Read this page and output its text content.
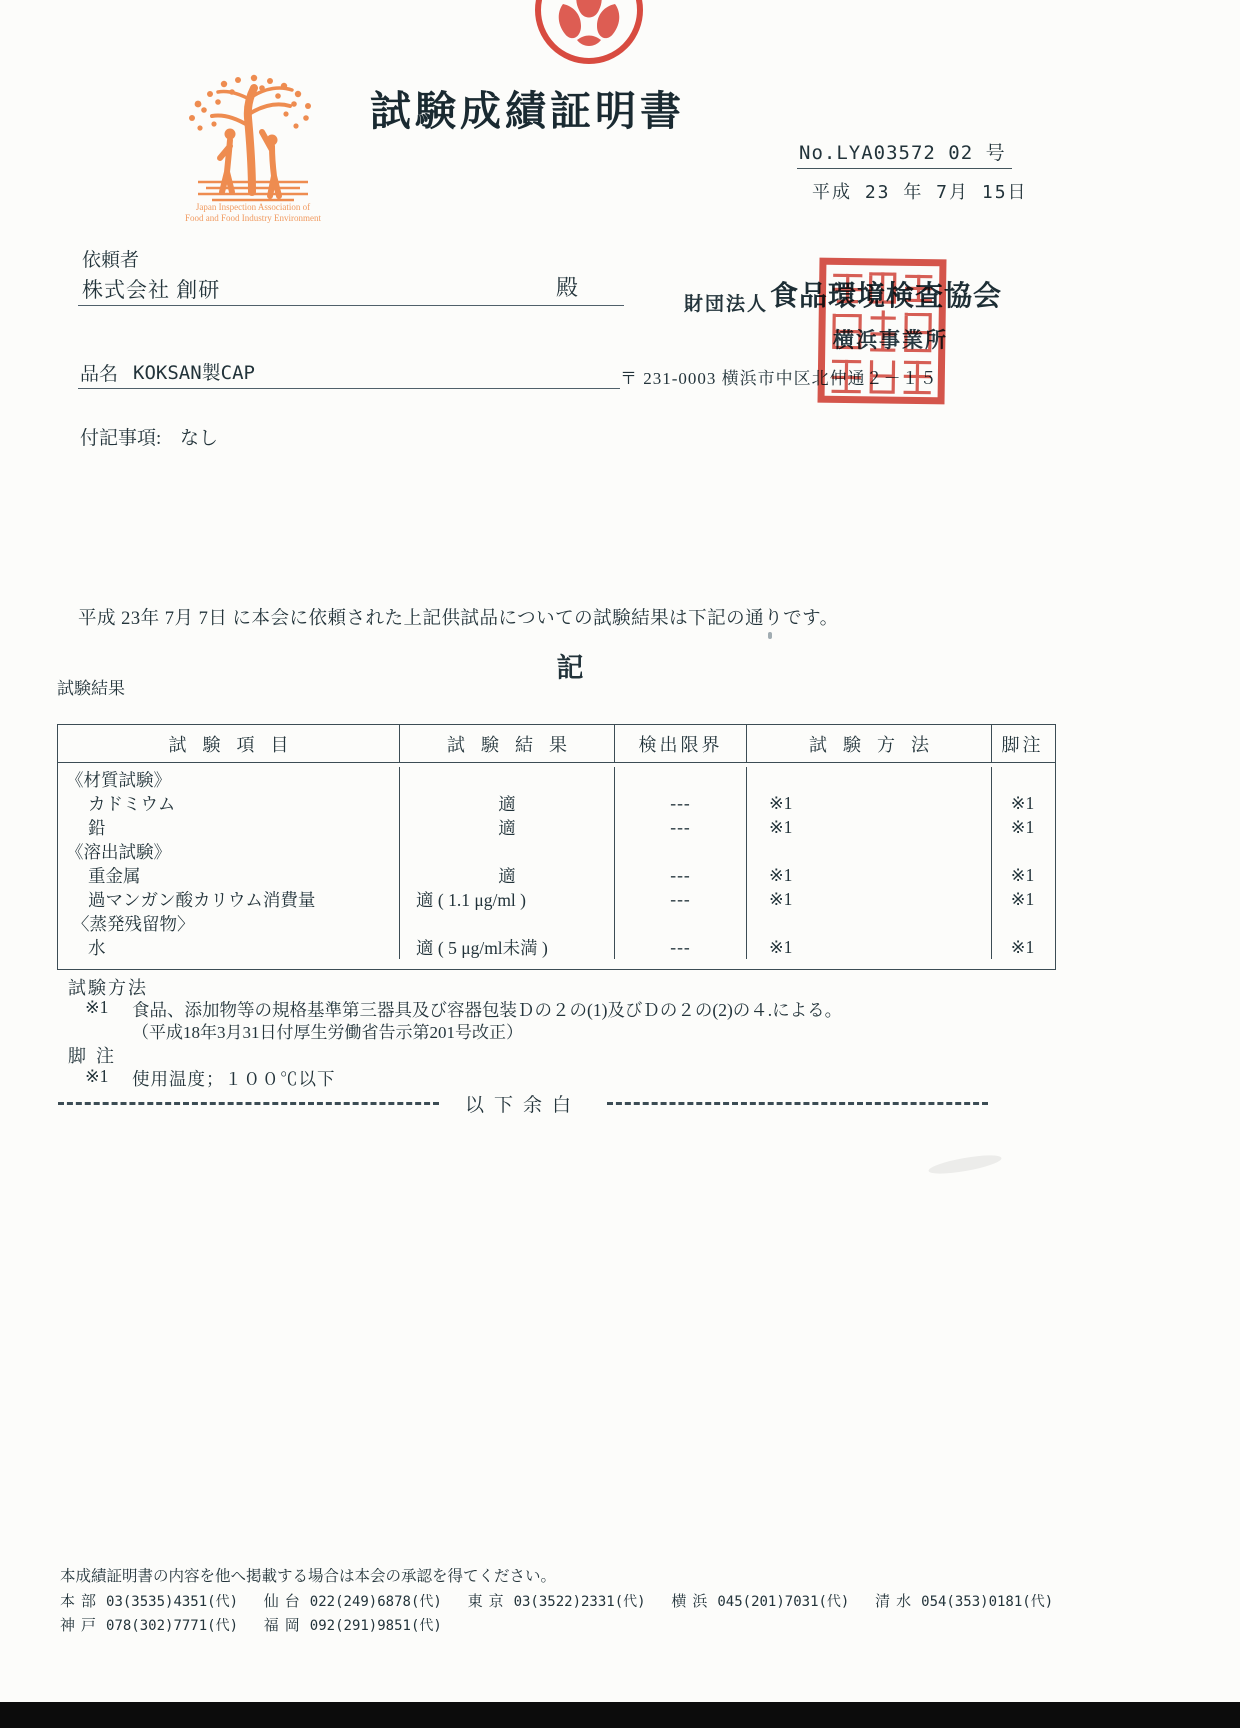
試験成績証明書
Japan Inspection Association of
Food and Food Industry Environment
No.LYA03572 02 号
平成 23 年 7月 15日
依頼者
株式会社 創研	殿
財団法人 食品環境検査協会
横浜事業所
〒 231-0003 横浜市中区北仲通２－１５
品名 KOKSAN製CAP
付記事項: なし
平成 23年 7月 7日 に本会に依頼された上記供試品についての試験結果は下記の通りです。
記
試験結果
試験項目	試験結果	検出限界	試験方法	脚注
《材質試験》
カドミウム	適	---	※1	※1
鉛	適	---	※1	※1
《溶出試験》
重金属	適	---	※1	※1
過マンガン酸カリウム消費量	適 ( 1.1 μg/ml )	---	※1	※1
〈蒸発残留物〉
水	適 ( 5 μg/ml未満 )	---	※1	※1
試験方法
※1 食品、添加物等の規格基準第三器具及び容器包装Ｄの２の(1)及びＤの２の(2)の４.による。
（平成18年3月31日付厚生労働省告示第201号改正）
脚注
※1 使用温度；１００℃以下
以下余白
本成績証明書の内容を他へ掲載する場合は本会の承認を得てください。
本部 03(3535)4351(代) 仙台 022(249)6878(代) 東京 03(3522)2331(代) 横浜 045(201)7031(代) 清水 054(353)0181(代)
神戸 078(302)7771(代) 福岡 092(291)9851(代)
